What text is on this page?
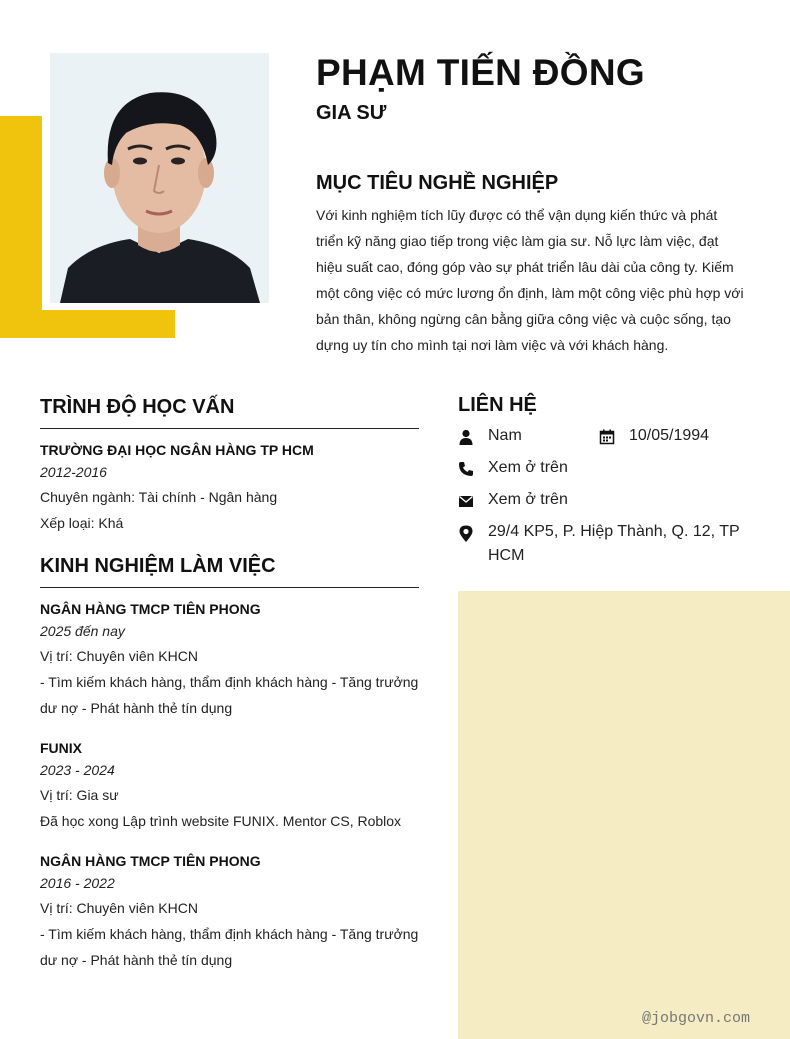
PHẠM TIẾN ĐỒNG
GIA SƯ
MỤC TIÊU NGHỀ NGHIỆP

Với kinh nghiệm tích lũy được có thể vận dụng kiến thức và phát triển kỹ năng giao tiếp trong việc làm gia sư. Nỗ lực làm việc, đạt hiệu suất cao, đóng góp vào sự phát triển lâu dài của công ty. Kiếm một công việc có mức lương ổn định, làm một công việc phù hợp với bản thân, không ngừng cân bằng giữa công việc và cuộc sống, tạo dựng uy tín cho mình tại nơi làm việc và với khách hàng.

TRÌNH ĐỘ HỌC VẤN

TRƯỜNG ĐẠI HỌC NGÂN HÀNG TP HCM

2012-2016

Chuyên ngành: Tài chính - Ngân hàng

Xếp loại: Khá

KINH NGHIỆM LÀM VIỆC

NGÂN HÀNG TMCP TIÊN PHONG

2025 đến nay

Vị trí: Chuyên viên KHCN

- Tìm kiếm khách hàng, thẩm định khách hàng - Tăng trưởng dư nợ - Phát hành thẻ tín dụng

FUNIX

2023 - 2024

Vị trí: Gia sư

Đã học xong Lập trình website FUNIX. Mentor CS, Roblox

NGÂN HÀNG TMCP TIÊN PHONG

2016 - 2022

Vị trí: Chuyên viên KHCN

- Tìm kiếm khách hàng, thẩm định khách hàng - Tăng trưởng dư nợ - Phát hành thẻ tín dụng

LIÊN HỆ
Nam	10/05/1994
Xem ở trên
Xem ở trên
29/4 KP5, P. Hiệp Thành, Q. 12, TP HCM

@jobgovn.com
